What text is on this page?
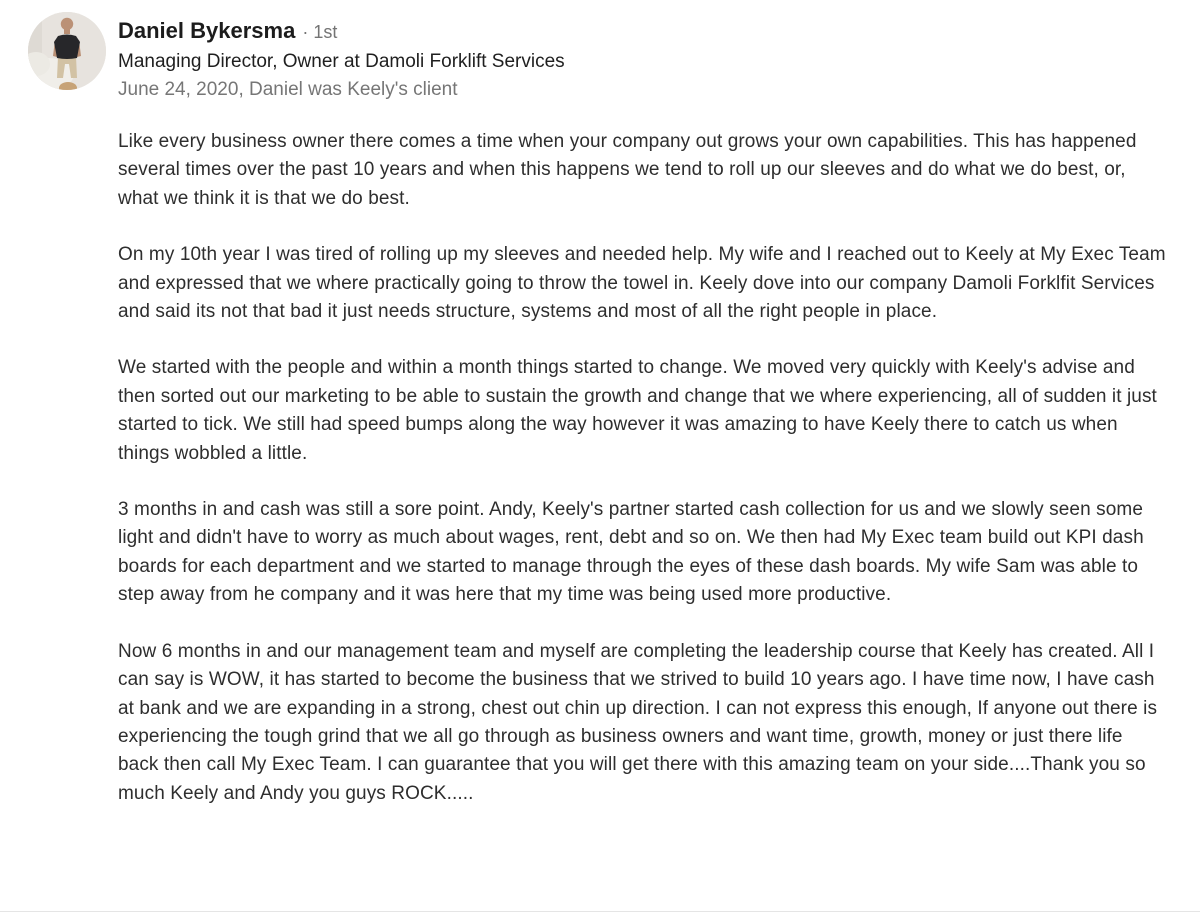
Daniel Bykersma · 1st
Managing Director, Owner at Damoli Forklift Services
June 24, 2020, Daniel was Keely's client

Like every business owner there comes a time when your company out grows your own capabilities. This has happened several times over the past 10 years and when this happens we tend to roll up our sleeves and do what we do best, or, what we think it is that we do best.

On my 10th year I was tired of rolling up my sleeves and needed help. My wife and I reached out to Keely at My Exec Team and expressed that we where practically going to throw the towel in. Keely dove into our company Damoli Forklfit Services and said its not that bad it just needs structure, systems and most of all the right people in place.

We started with the people and within a month things started to change. We moved very quickly with Keely's advise and then sorted out our marketing to be able to sustain the growth and change that we where experiencing, all of sudden it just started to tick. We still had speed bumps along the way however it was amazing to have Keely there to catch us when things wobbled a little.

3 months in and cash was still a sore point. Andy, Keely's partner started cash collection for us and we slowly seen some light and didn't have to worry as much about wages, rent, debt and so on. We then had My Exec team build out KPI dash boards for each department and we started to manage through the eyes of these dash boards. My wife Sam was able to step away from he company and it was here that my time was being used more productive.

Now 6 months in and our management team and myself are completing the leadership course that Keely has created. All I can say is WOW, it has started to become the business that we strived to build 10 years ago. I have time now, I have cash at bank and we are expanding in a strong, chest out chin up direction. I can not express this enough, If anyone out there is experiencing the tough grind that we all go through as business owners and want time, growth, money or just there life back then call My Exec Team. I can guarantee that you will get there with this amazing team on your side....Thank you so much Keely and Andy you guys ROCK.....
